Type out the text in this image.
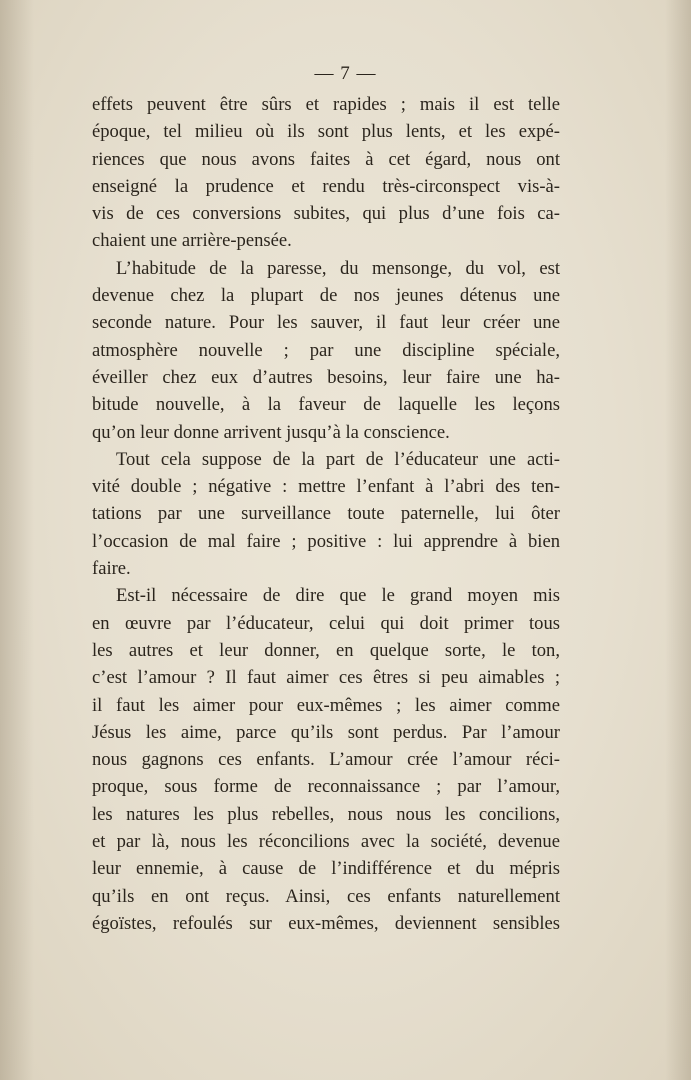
— 7 —
effets peuvent être sûrs et rapides ; mais il est telle
époque, tel milieu où ils sont plus lents, et les expé-
riences que nous avons faites à cet égard, nous ont
enseigné la prudence et rendu très-circonspect vis-à-
vis de ces conversions subites, qui plus d’une fois ca-
chaient une arrière-pensée.
L’habitude de la paresse, du mensonge, du vol, est
devenue chez la plupart de nos jeunes détenus une
seconde nature. Pour les sauver, il faut leur créer une
atmosphère nouvelle ; par une discipline spéciale,
éveiller chez eux d’autres besoins, leur faire une ha-
bitude nouvelle, à la faveur de laquelle les leçons
qu’on leur donne arrivent jusqu’à la conscience.
Tout cela suppose de la part de l’éducateur une acti-
vité double ; négative : mettre l’enfant à l’abri des ten-
tations par une surveillance toute paternelle, lui ôter
l’occasion de mal faire ; positive : lui apprendre à bien
faire.
Est-il nécessaire de dire que le grand moyen mis
en œuvre par l’éducateur, celui qui doit primer tous
les autres et leur donner, en quelque sorte, le ton,
c’est l’amour ? Il faut aimer ces êtres si peu aimables ;
il faut les aimer pour eux-mêmes ; les aimer comme
Jésus les aime, parce qu’ils sont perdus. Par l’amour
nous gagnons ces enfants. L’amour crée l’amour réci-
proque, sous forme de reconnaissance ; par l’amour,
les natures les plus rebelles, nous nous les concilions,
et par là, nous les réconcilions avec la société, devenue
leur ennemie, à cause de l’indifférence et du mépris
qu’ils en ont reçus. Ainsi, ces enfants naturellement
égoïstes, refoulés sur eux-mêmes, deviennent sensibles
